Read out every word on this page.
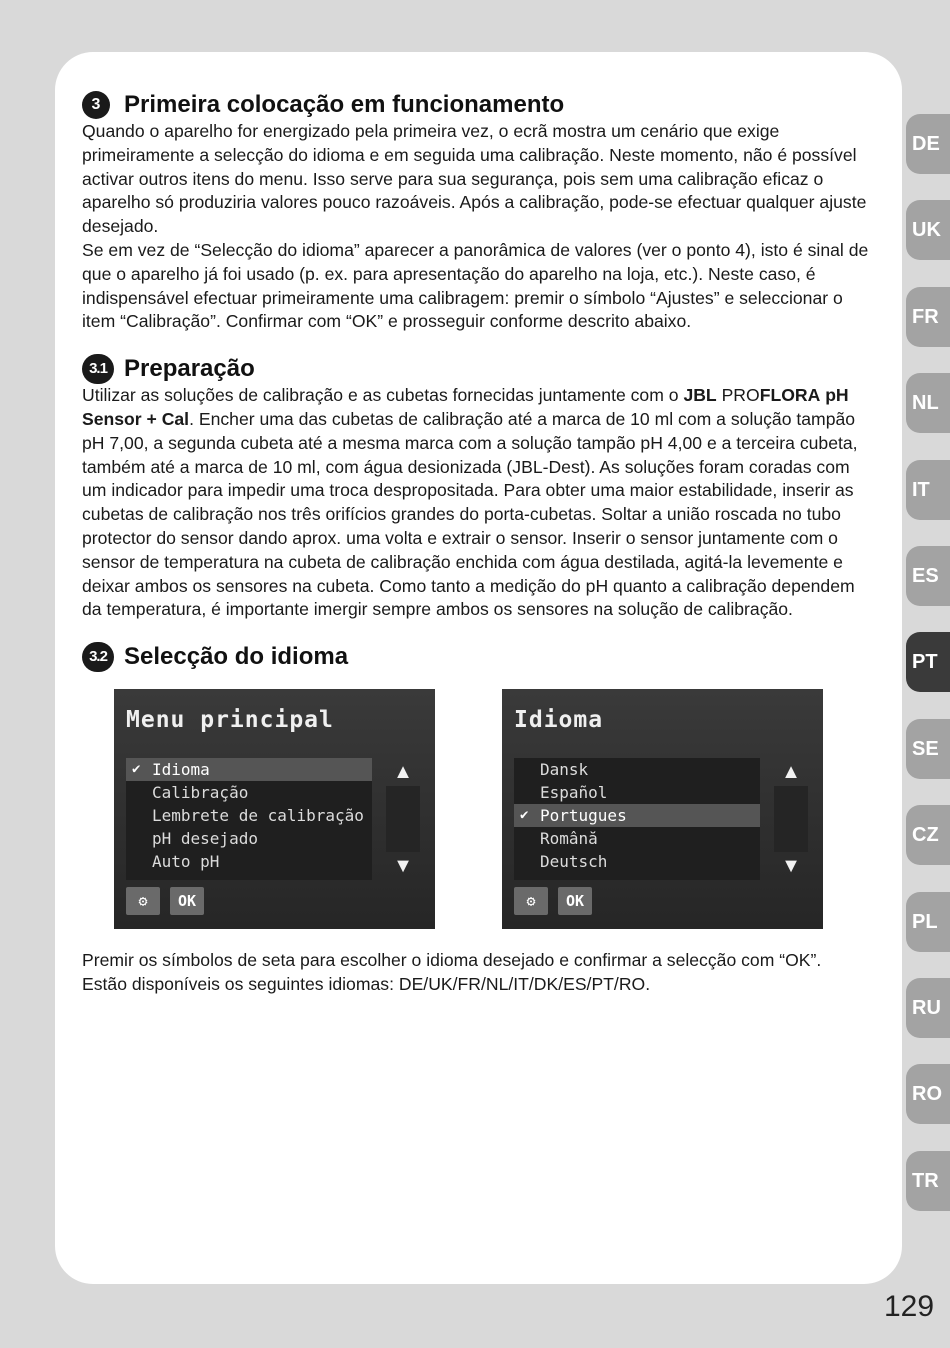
3 Primeira colocação em funcionamento

Quando o aparelho for energizado pela primeira vez, o ecrã mostra um cenário que exige primeiramente a selecção do idioma e em seguida uma calibração. Neste momento, não é possível activar outros itens do menu. Isso serve para sua segurança, pois sem uma calibração eficaz o aparelho só produziria valores pouco razoáveis. Após a calibração, pode-se efectuar qualquer ajuste desejado.

Se em vez de “Selecção do idioma” aparecer a panorâmica de valores (ver o ponto 4), isto é sinal de que o aparelho já foi usado (p. ex. para apresentação do aparelho na loja, etc.). Neste caso, é indispensável efectuar primeiramente uma calibragem: premir o símbolo “Ajustes” e seleccionar o item “Calibração”. Confirmar com “OK” e prosseguir conforme descrito abaixo.

3.1 Preparação

Utilizar as soluções de calibração e as cubetas fornecidas juntamente com o JBL PROFLORA pH Sensor + Cal. Encher uma das cubetas de calibração até a marca de 10 ml com a solução tampão pH 7,00, a segunda cubeta até a mesma marca com a solução tampão pH 4,00 e a terceira cubeta, também até a marca de 10 ml, com água desionizada (JBL-Dest). As soluções foram coradas com um indicador para impedir uma troca despropositada. Para obter uma maior estabilidade, inserir as cubetas de calibração nos três orifícios grandes do porta-cubetas. Soltar a união roscada no tubo protector do sensor dando aprox. uma volta e extrair o sensor. Inserir o sensor juntamente com o sensor de temperatura na cubeta de calibração enchida com água destilada, agitá-la levemente e deixar ambos os sensores na cubeta. Como tanto a medição do pH quanto a calibração dependem da temperatura, é importante imergir sempre ambos os sensores na solução de calibração.

3.2 Selecção do idioma
Menu principal
✔ Idioma
Calibração
Lembrete de calibração
pH desejado
Auto pH
▲
▼
⚙	OK
Idioma
Dansk
Español
✔ Portugues
Română
Deutsch
▲
▼
⚙	OK

Premir os símbolos de seta para escolher o idioma desejado e confirmar a selecção com “OK”.

Estão disponíveis os seguintes idiomas: DE/UK/FR/NL/IT/DK/ES/PT/RO.

DE
UK
FR
NL
IT
ES
PT
SE
CZ
PL
RU
RO
TR
129
